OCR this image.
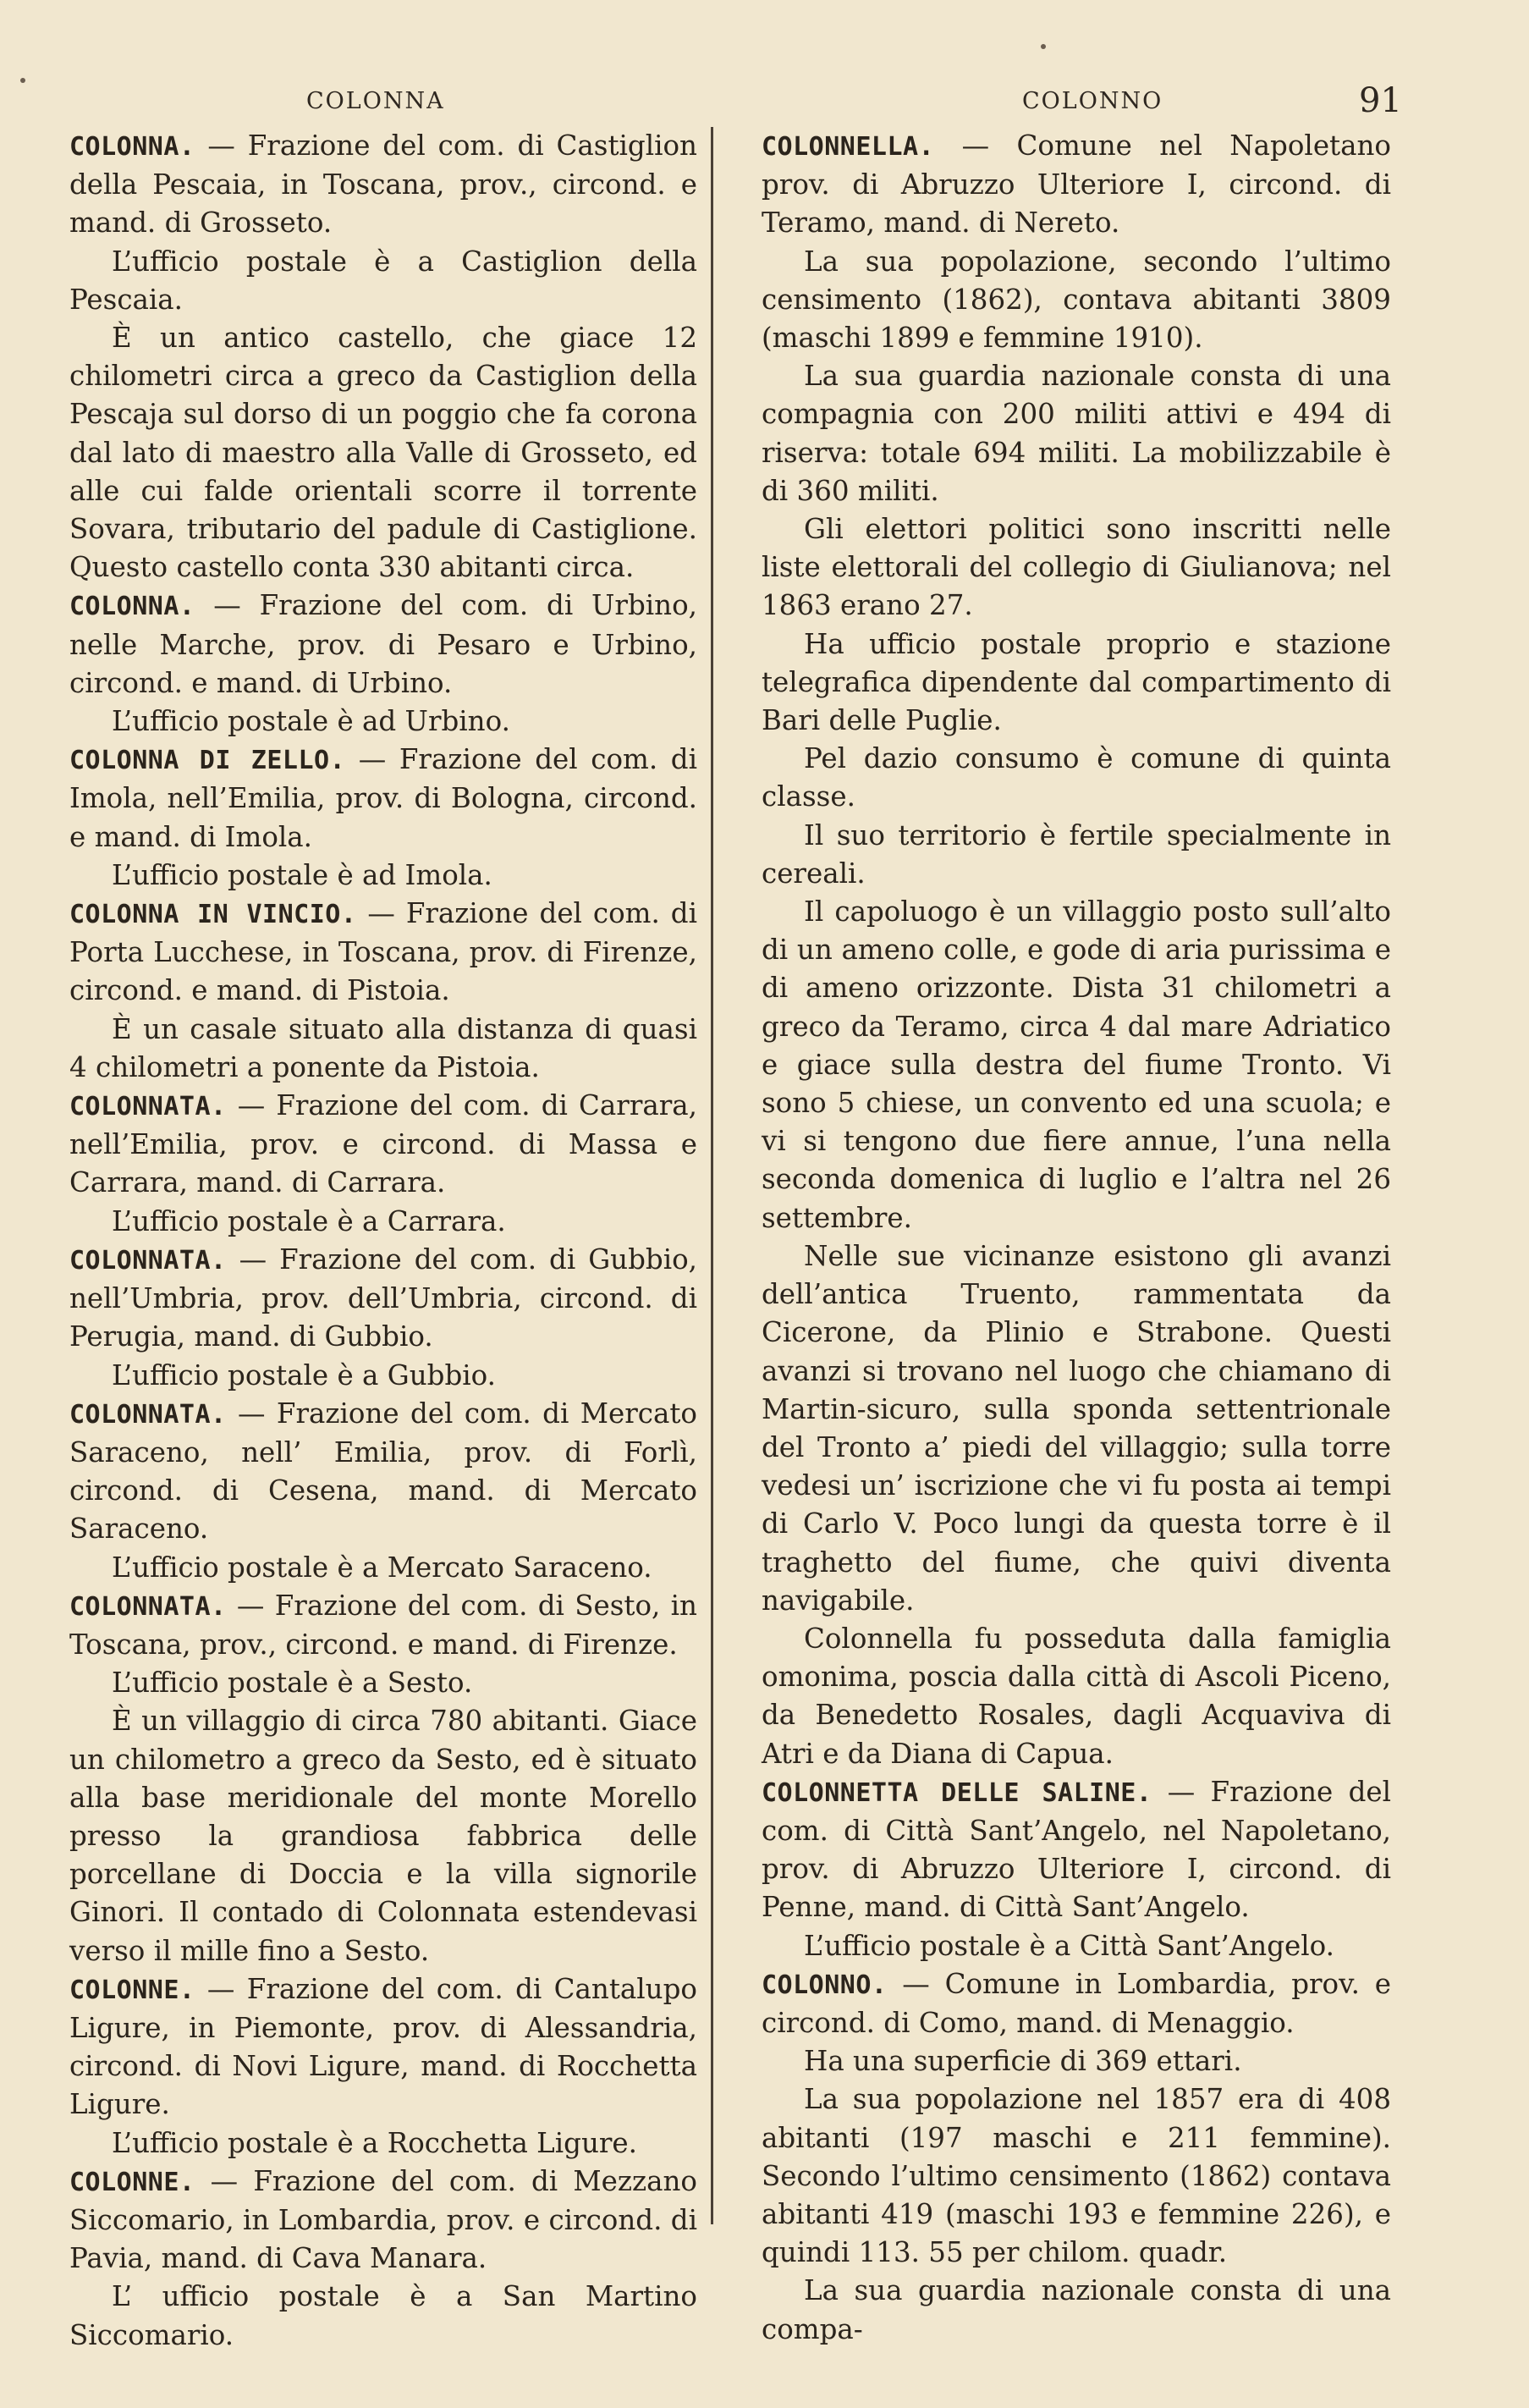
COLONNA	COLONNO	91

COLONNA. — Frazione del com. di Castiglion della Pescaia, in Toscana, prov., circond. e mand. di Grosseto.

L’ufficio postale è a Castiglion della Pescaia.

È un antico castello, che giace 12 chilometri circa a greco da Castiglion della Pescaja sul dorso di un poggio che fa corona dal lato di maestro alla Valle di Grosseto, ed alle cui falde orientali scorre il torrente Sovara, tributario del padule di Castiglione. Questo castello conta 330 abitanti circa.

COLONNA. — Frazione del com. di Urbino, nelle Marche, prov. di Pesaro e Urbino, circond. e mand. di Urbino.

L’ufficio postale è ad Urbino.

COLONNA DI ZELLO. — Frazione del com. di Imola, nell’Emilia, prov. di Bologna, circond. e mand. di Imola.

L’ufficio postale è ad Imola.

COLONNA IN VINCIO. — Frazione del com. di Porta Lucchese, in Toscana, prov. di Firenze, circond. e mand. di Pistoia.

È un casale situato alla distanza di quasi 4 chilometri a ponente da Pistoia.

COLONNATA. — Frazione del com. di Carrara, nell’Emilia, prov. e circond. di Massa e Carrara, mand. di Carrara.

L’ufficio postale è a Carrara.

COLONNATA. — Frazione del com. di Gubbio, nell’Umbria, prov. dell’Umbria, circond. di Perugia, mand. di Gubbio.

L’ufficio postale è a Gubbio.

COLONNATA. — Frazione del com. di Mercato Saraceno, nell’ Emilia, prov. di Forlì, circond. di Cesena, mand. di Mercato Saraceno.

L’ufficio postale è a Mercato Saraceno.

COLONNATA. — Frazione del com. di Sesto, in Toscana, prov., circond. e mand. di Firenze.

L’ufficio postale è a Sesto.

È un villaggio di circa 780 abitanti. Giace un chilometro a greco da Sesto, ed è situato alla base meridionale del monte Morello presso la grandiosa fabbrica delle porcellane di Doccia e la villa signorile Ginori. Il contado di Colonnata estendevasi verso il mille fino a Sesto.

COLONNE. — Frazione del com. di Cantalupo Ligure, in Piemonte, prov. di Alessandria, circond. di Novi Ligure, mand. di Rocchetta Ligure.

L’ufficio postale è a Rocchetta Ligure.

COLONNE. — Frazione del com. di Mezzano Siccomario, in Lombardia, prov. e circond. di Pavia, mand. di Cava Manara.

L’ ufficio postale è a San Martino Siccomario.

COLONNELLA. — Comune nel Napoletano prov. di Abruzzo Ulteriore I, circond. di Teramo, mand. di Nereto.

La sua popolazione, secondo l’ultimo censimento (1862), contava abitanti 3809 (maschi 1899 e femmine 1910).

La sua guardia nazionale consta di una compagnia con 200 militi attivi e 494 di riserva: totale 694 militi. La mobilizzabile è di 360 militi.

Gli elettori politici sono inscritti nelle liste elettorali del collegio di Giulianova; nel 1863 erano 27.

Ha ufficio postale proprio e stazione telegrafica dipendente dal compartimento di Bari delle Puglie.

Pel dazio consumo è comune di quinta classe.

Il suo territorio è fertile specialmente in cereali.

Il capoluogo è un villaggio posto sull’alto di un ameno colle, e gode di aria purissima e di ameno orizzonte. Dista 31 chilometri a greco da Teramo, circa 4 dal mare Adriatico e giace sulla destra del fiume Tronto. Vi sono 5 chiese, un convento ed una scuola; e vi si tengono due fiere annue, l’una nella seconda domenica di luglio e l’altra nel 26 settembre.

Nelle sue vicinanze esistono gli avanzi dell’antica Truento, rammentata da Cicerone, da Plinio e Strabone. Questi avanzi si trovano nel luogo che chiamano di Martin-sicuro, sulla sponda settentrionale del Tronto a’ piedi del villaggio; sulla torre vedesi un’ iscrizione che vi fu posta ai tempi di Carlo V. Poco lungi da questa torre è il traghetto del fiume, che quivi diventa navigabile.

Colonnella fu posseduta dalla famiglia omonima, poscia dalla città di Ascoli Piceno, da Benedetto Rosales, dagli Acquaviva di Atri e da Diana di Capua.

COLONNETTA DELLE SALINE. — Frazione del com. di Città Sant’Angelo, nel Napoletano, prov. di Abruzzo Ulteriore I, circond. di Penne, mand. di Città Sant’Angelo.

L’ufficio postale è a Città Sant’Angelo.

COLONNO. — Comune in Lombardia, prov. e circond. di Como, mand. di Menaggio.

Ha una superficie di 369 ettari.

La sua popolazione nel 1857 era di 408 abitanti (197 maschi e 211 femmine). Secondo l’ultimo censimento (1862) contava abitanti 419 (maschi 193 e femmine 226), e quindi 113. 55 per chilom. quadr.

La sua guardia nazionale consta di una compa-
